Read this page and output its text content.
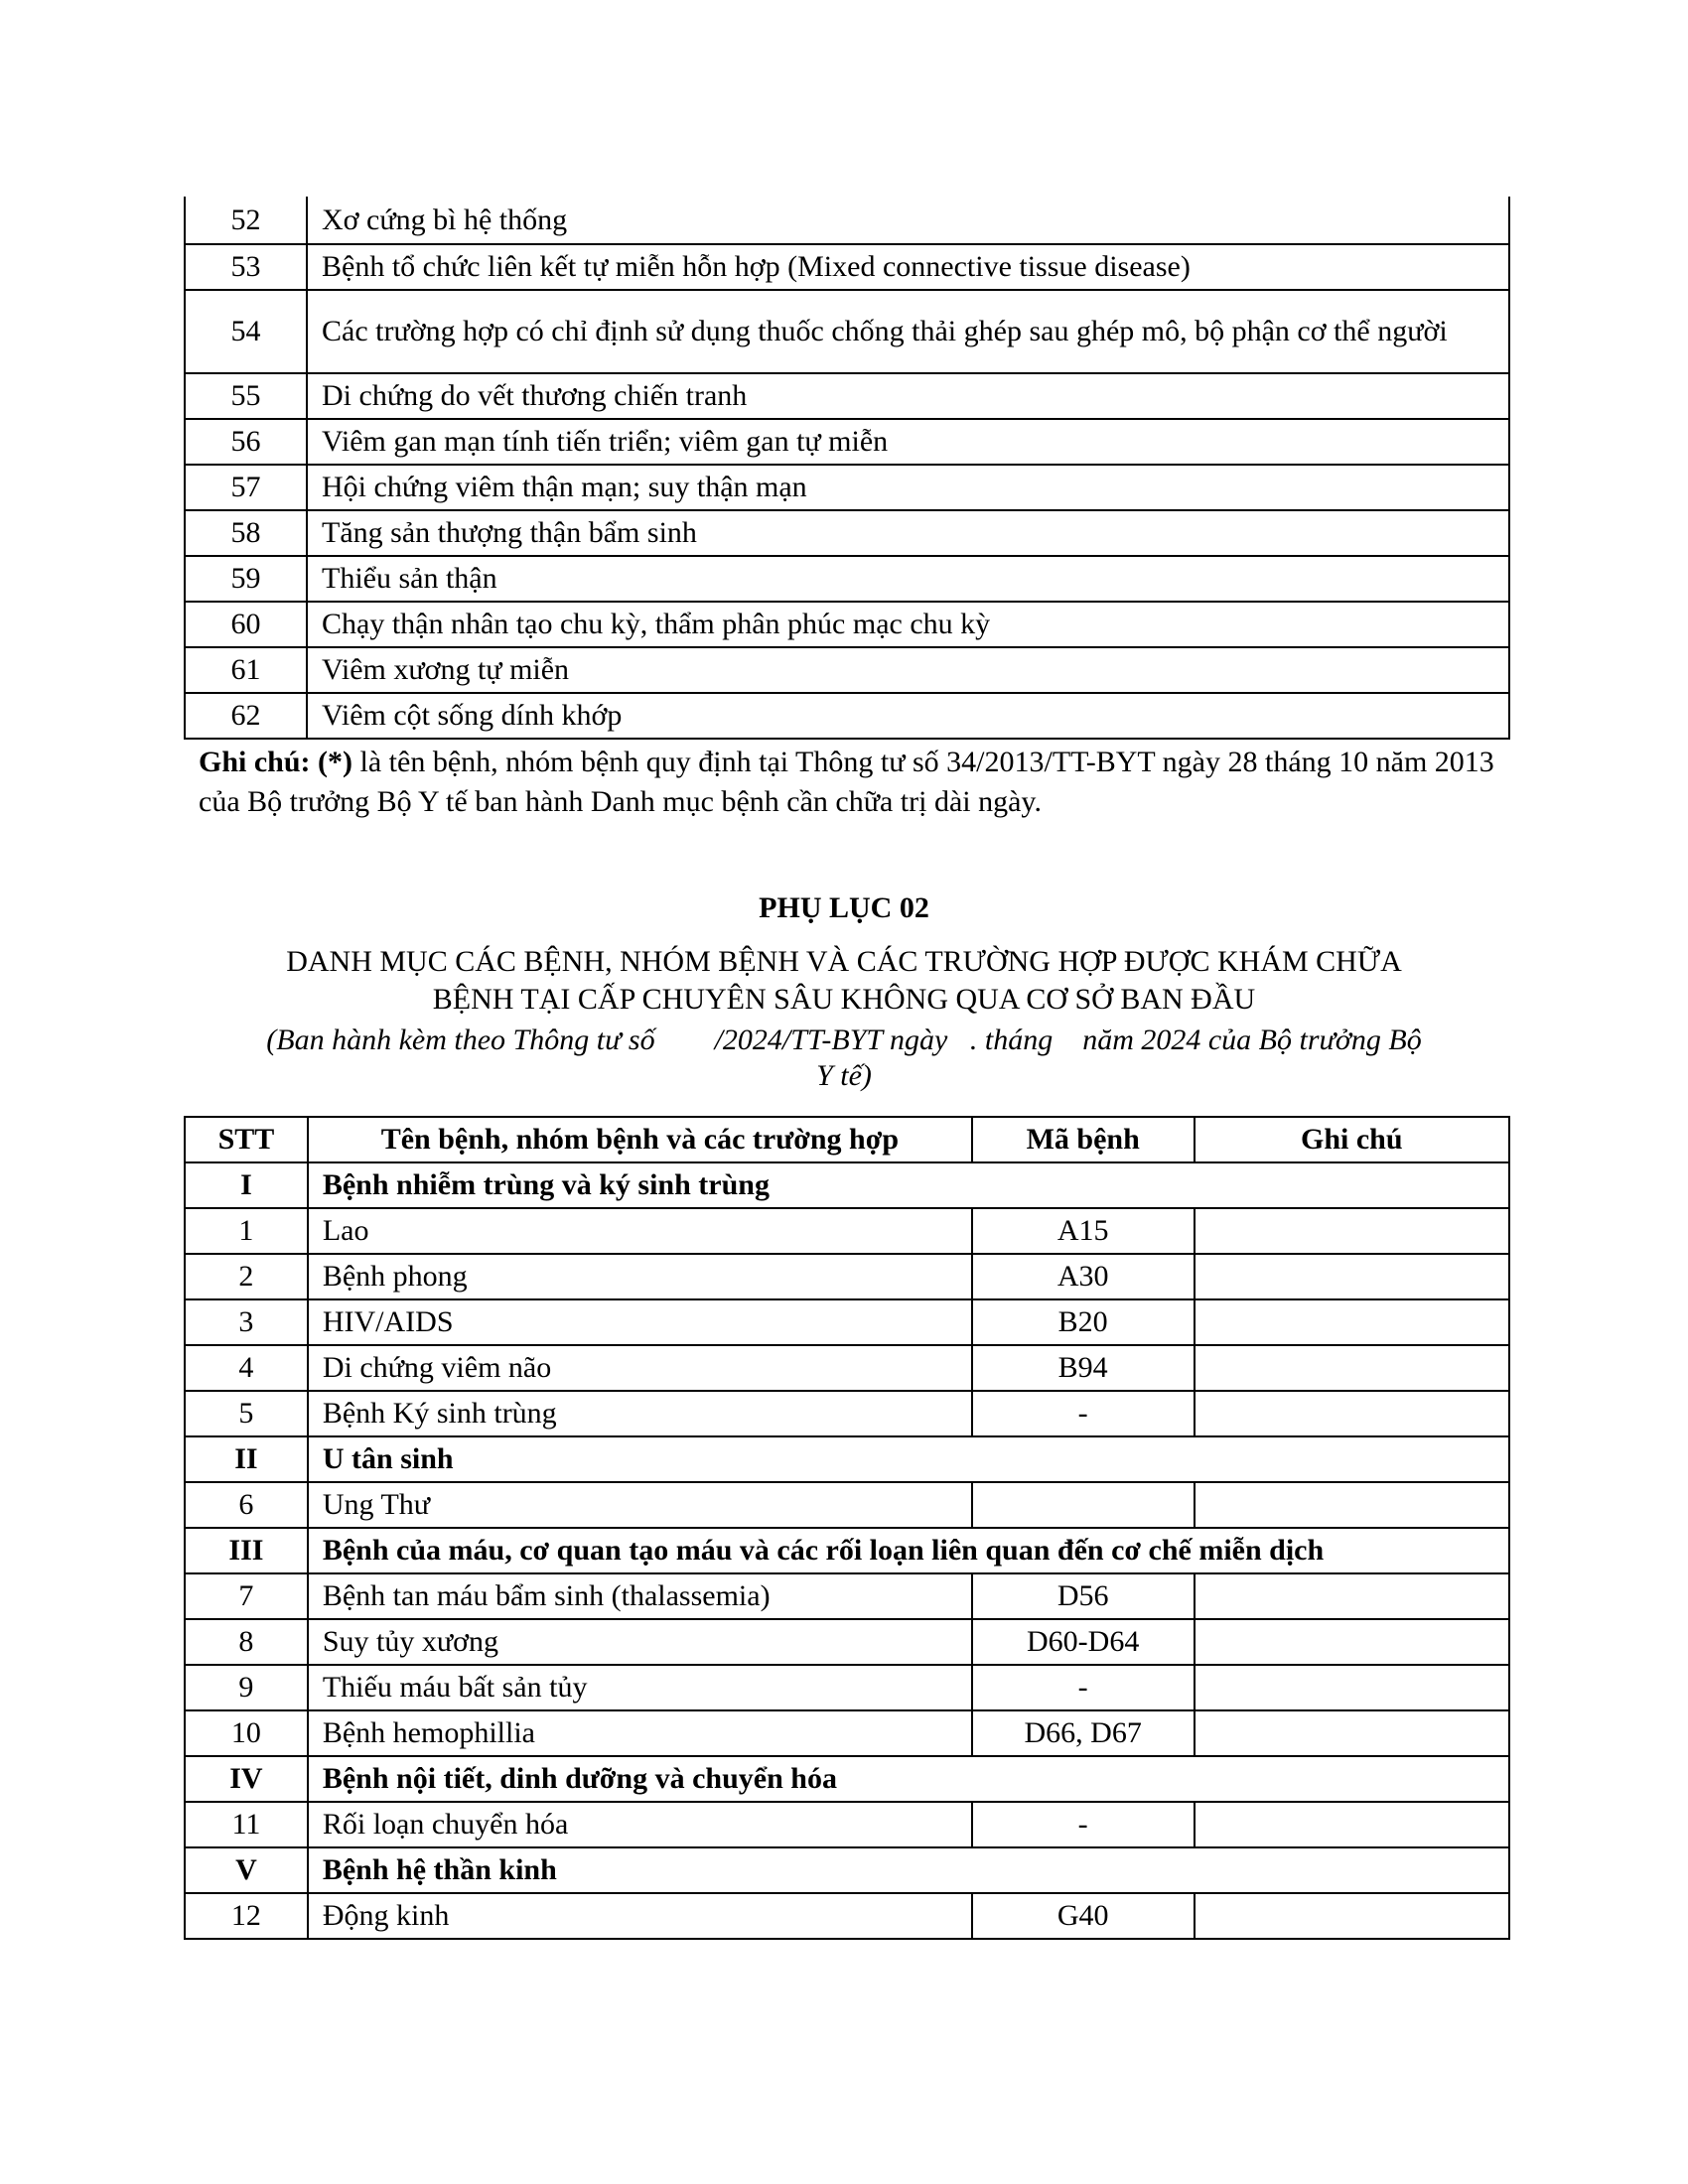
52	Xơ cứng bì hệ thống
53	Bệnh tổ chức liên kết tự miễn hỗn hợp (Mixed connective tissue disease)
54	Các trường hợp có chỉ định sử dụng thuốc chống thải ghép sau ghép mô, bộ phận cơ thể người
55	Di chứng do vết thương chiến tranh
56	Viêm gan mạn tính tiến triển; viêm gan tự miễn
57	Hội chứng viêm thận mạn; suy thận mạn
58	Tăng sản thượng thận bẩm sinh
59	Thiểu sản thận
60	Chạy thận nhân tạo chu kỳ, thẩm phân phúc mạc chu kỳ
61	Viêm xương tự miễn
62	Viêm cột sống dính khớp
Ghi chú: (*) là tên bệnh, nhóm bệnh quy định tại Thông tư số 34/2013/TT-BYT ngày 28 tháng 10 năm 2013 của Bộ trưởng Bộ Y tế ban hành Danh mục bệnh cần chữa trị dài ngày.
PHỤ LỤC 02
DANH MỤC CÁC BỆNH, NHÓM BỆNH VÀ CÁC TRƯỜNG HỢP ĐƯỢC KHÁM CHỮA
BỆNH TẠI CẤP CHUYÊN SÂU KHÔNG QUA CƠ SỞ BAN ĐẦU
(Ban hành kèm theo Thông tư số        /2024/TT-BYT ngày   . tháng    năm 2024 của Bộ trưởng Bộ
Y tế)
STT	Tên bệnh, nhóm bệnh và các trường hợp	Mã bệnh	Ghi chú
I	Bệnh nhiễm trùng và ký sinh trùng		
1	Lao	A15	
2	Bệnh phong	A30	
3	HIV/AIDS	B20	
4	Di chứng viêm não	B94	
5	Bệnh Ký sinh trùng	-	
II	U tân sinh		
6	Ung Thư		
III	Bệnh của máu, cơ quan tạo máu và các rối loạn liên quan đến cơ chế miễn dịch		
7	Bệnh tan máu bẩm sinh (thalassemia)	D56	
8	Suy tủy xương	D60-D64	
9	Thiếu máu bất sản tủy	-	
10	Bệnh hemophillia	D66, D67	
IV	Bệnh nội tiết, dinh dưỡng và chuyển hóa		
11	Rối loạn chuyển hóa	-	
V	Bệnh hệ thần kinh		
12	Động kinh	G40	
